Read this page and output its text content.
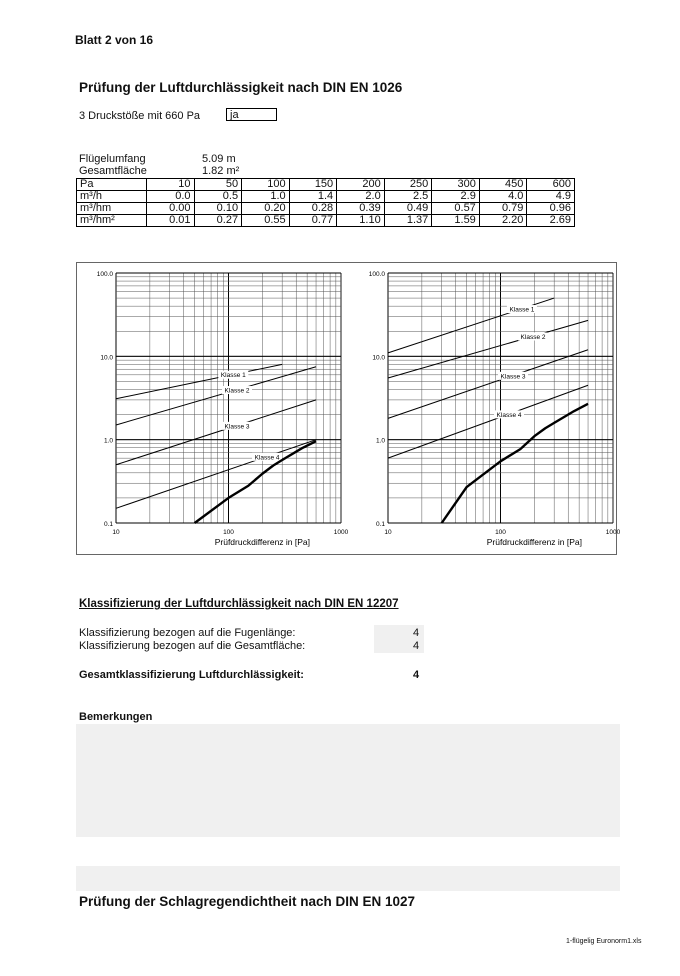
Blatt 2 von 16
Prüfung der Luftdurchlässigkeit nach DIN EN 1026
3 Druckstöße mit 660 Pa	ja
Flügelumfang	5.09 m
Gesamtfläche	1.82 m²
Pa	10	50	100	150	200	250	300	450	600
m³/h	0.0	0.5	1.0	1.4	2.0	2.5	2.9	4.0	4.9
m³/hm	0.00	0.10	0.20	0.28	0.39	0.49	0.57	0.79	0.96
m³/hm²	0.01	0.27	0.55	0.77	1.10	1.37	1.59	2.20	2.69
100.0
10.0
1.0
0.1
10	100	1000
Prüfdruckdifferenz in [Pa]
Klasse 1
Klasse 2
Klasse 3
Klasse 4
100.0
10.0
1.0
0.1
10	100	1000
Prüfdruckdifferenz in [Pa]
Klasse 1
Klasse 2
Klasse 3
Klasse 4
Klassifizierung der Luftdurchlässigkeit nach DIN EN 12207
Klassifizierung bezogen auf die Fugenlänge:	4
Klassifizierung bezogen auf die Gesamtfläche:	4
Gesamtklassifizierung Luftdurchlässigkeit:	4
Bemerkungen
Prüfung der Schlagregendichtheit nach DIN EN 1027
1-flügelig Euronorm1.xls
